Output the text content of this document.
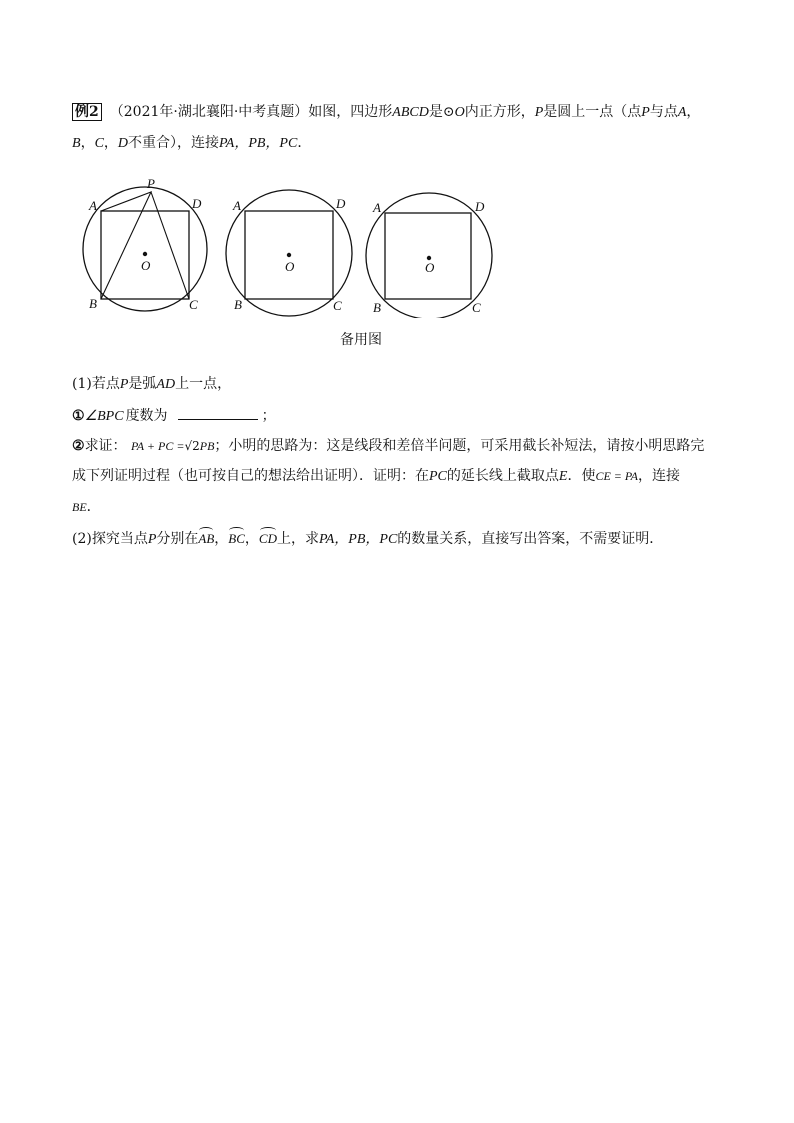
例2 （2021年·湖北襄阳·中考真题）如图，四边形ABCD是⊙O内正方形，P是圆上一点（点P与点A，
B，C，D不重合），连接PA，PB，PC．
A
P
D
B	C
O
A	D
B	C
O
A	D
B	C
O
备用图
(1)若点P是弧AD上一点，
①∠BPC 度数为	；
②求证： PA + PC =√2PB；小明的思路为：这是线段和差倍半问题，可采用截长补短法，请按小明思路完
成下列证明过程（也可按自己的想法给出证明）．证明：在PC的延长线上截取点E．使CE = PA，连接
BE．
(2)探究当点P分别在AB，BC，CD上，求PA，PB，PC的数量关系，直接写出答案，不需要证明．
